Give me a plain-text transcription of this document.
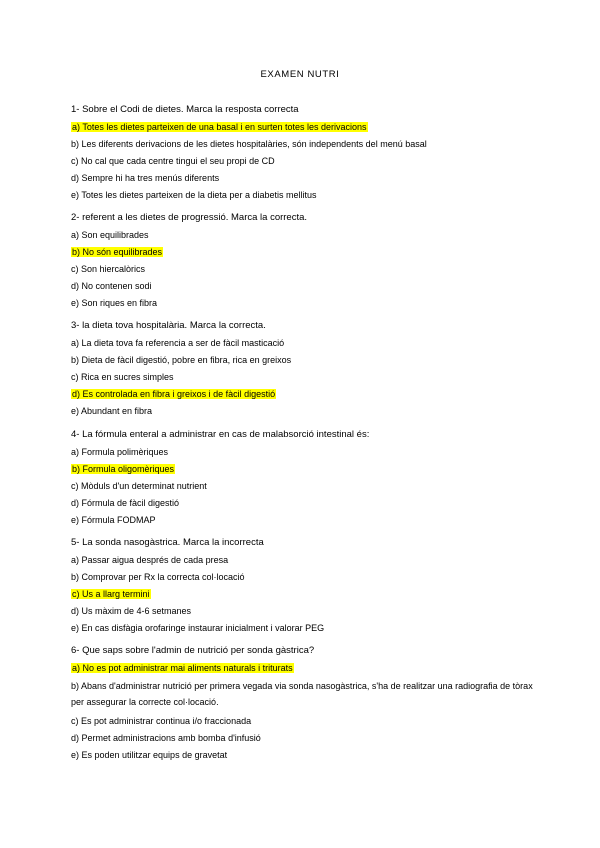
EXAMEN NUTRI
1- Sobre el Codi de dietes. Marca la resposta correcta
a) Totes les dietes parteixen de una basal i en surten totes les derivacions
b) Les diferents derivacions de les dietes hospitalàries, són independents del menú basal
c) No cal que cada centre tingui el seu propi de CD
d) Sempre hi ha tres menús diferents
e) Totes les dietes parteixen de la dieta per a diabetis mellitus
2- referent a les dietes de progressió. Marca la correcta.
a) Son equilibrades
b) No són equilibrades
c) Son hiercalòrics
d) No contenen sodi
e) Son riques en fibra
3- la dieta tova hospitalària. Marca la correcta.
a) La dieta tova fa referencia a ser de fàcil masticació
b) Dieta de fàcil digestió, pobre en fibra, rica en greixos
c) Rica en sucres simples
d) Es controlada en fibra i greixos i de fàcil digestió
e) Abundant en fibra
4- La fórmula enteral a administrar en cas de malabsorció intestinal és:
a) Formula polimèriques
b) Formula oligomèriques
c) Mòduls d'un determinat nutrient
d) Fórmula de fàcil digestió
e) Fórmula FODMAP
5- La sonda nasogàstrica. Marca la incorrecta
a) Passar aigua després de cada presa
b) Comprovar per Rx la correcta col·locació
c) Us a llarg termini
d) Us màxim de 4-6 setmanes
e) En cas disfàgia orofaringe instaurar inicialment i valorar PEG
6- Que saps sobre l'admin de nutrició per sonda gàstrica?
a) No es pot administrar mai aliments naturals i triturats
b) Abans d'administrar nutrició per primera vegada via sonda nasogàstrica, s'ha de realitzar una radiografia de tòrax per assegurar la correcte col·locació.
c) Es pot administrar continua i/o fraccionada
d) Permet administracions amb bomba d'infusió
e) Es poden utilitzar equips de gravetat
